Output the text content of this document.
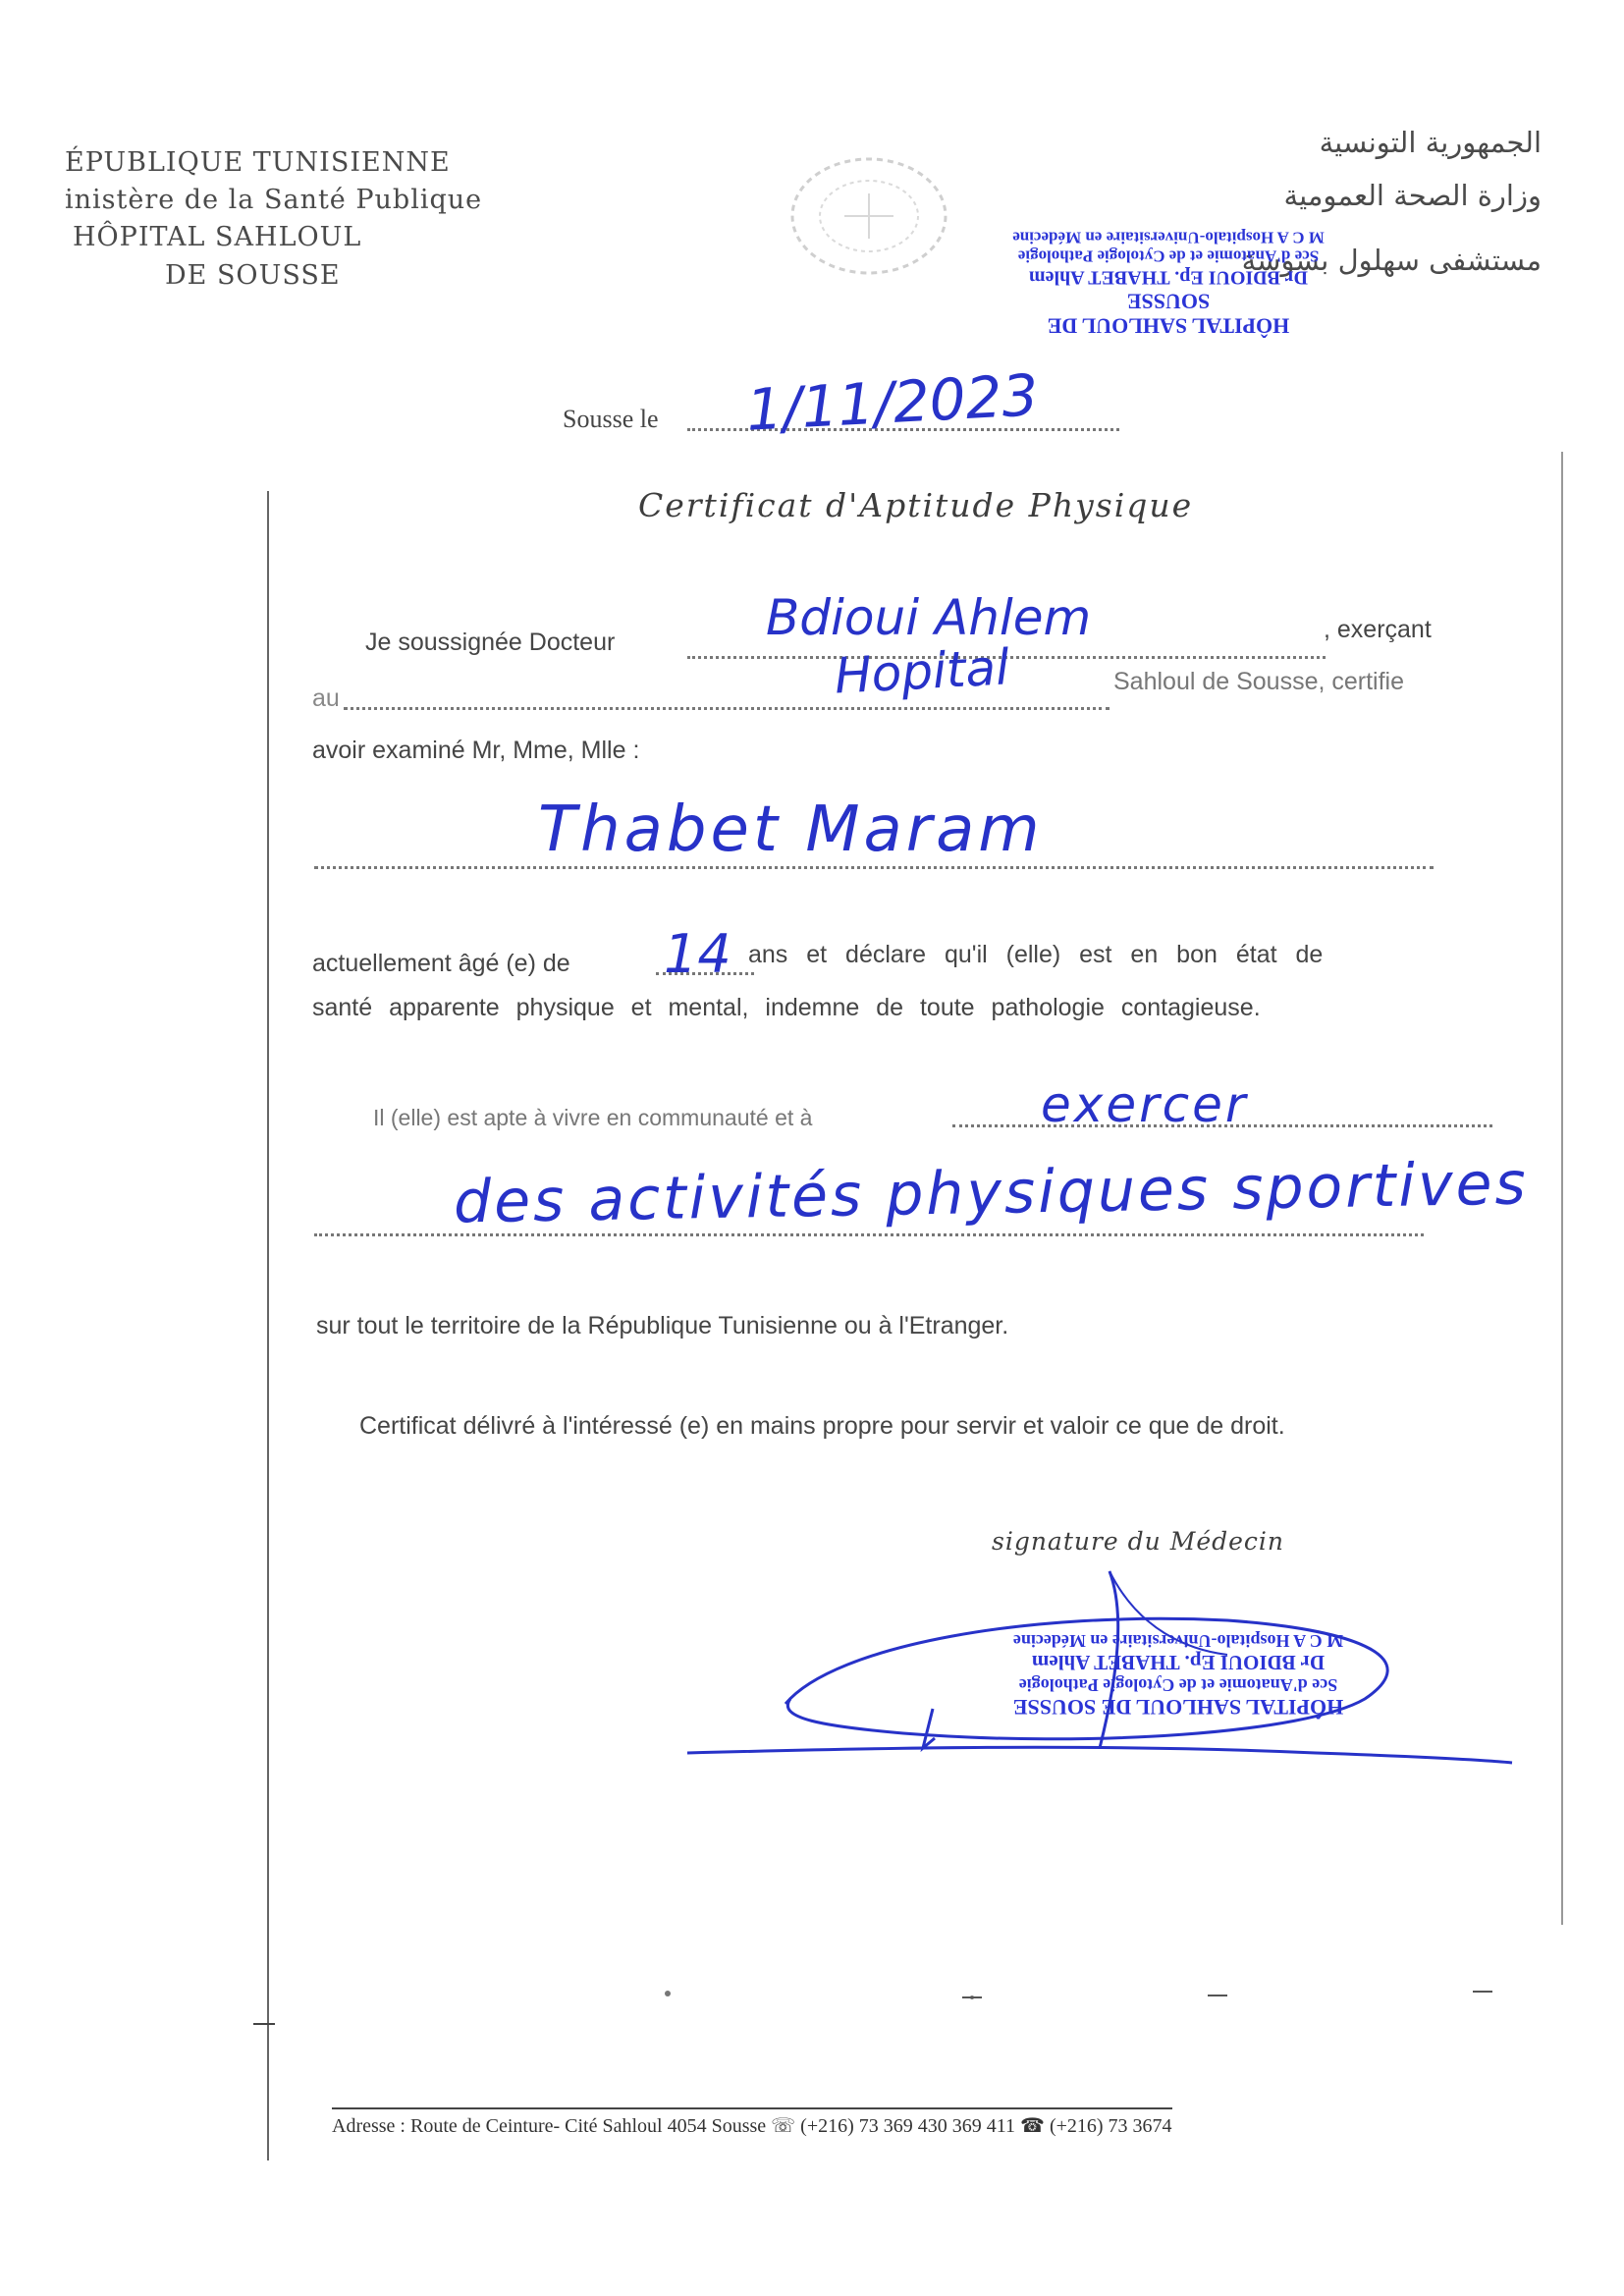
ÉPUBLIQUE TUNISIENNE
inistère de la Santé Publique
HÔPITAL SAHLOUL
DE SOUSSE
الجمهورية التونسية
وزارة الصحة العمومية
مستشفى سهلول بسوسة
HÔPITAL SAHLOUL DE SOUSSE
Dr BDIOUI Ep. THABET Ahlem
Sce d'Anatomie et de Cytologie Pathologie
M C A Hospitalo-Universitaire en Médecine
Sousse le 1/11/2023
Certificat d'Aptitude Physique
Je soussignée Docteur	Bdioui Ahlem	, exerçant
au	Hopital	Sahloul de Sousse, certifie
avoir examiné Mr, Mme, Mlle :
Thabet Maram
actuellement âgé (e) de 14 ans et déclare qu'il (elle) est en bon état de
santé apparente physique et mental, indemne de toute pathologie contagieuse.
Il (elle) est apte à vivre en communauté et à	exercer
des activités physiques sportives
sur tout le territoire de la République Tunisienne ou à l'Etranger.
Certificat délivré à l'intéressé (e) en mains propre pour servir et valoir ce que de droit.
signature du Médecin
HÔPITAL SAHLOUL DE SOUSSE
Sce d'Anatomie et de Cytologie Pathologie
Dr BDIOUI Ep. THABET Ahlem
M C A Hospitalo-Universitaire en Médecine
Adresse : Route de Ceinture- Cité Sahloul 4054 Sousse ☏ (+216) 73 369 430 369 411 ☎ (+216) 73 3674
